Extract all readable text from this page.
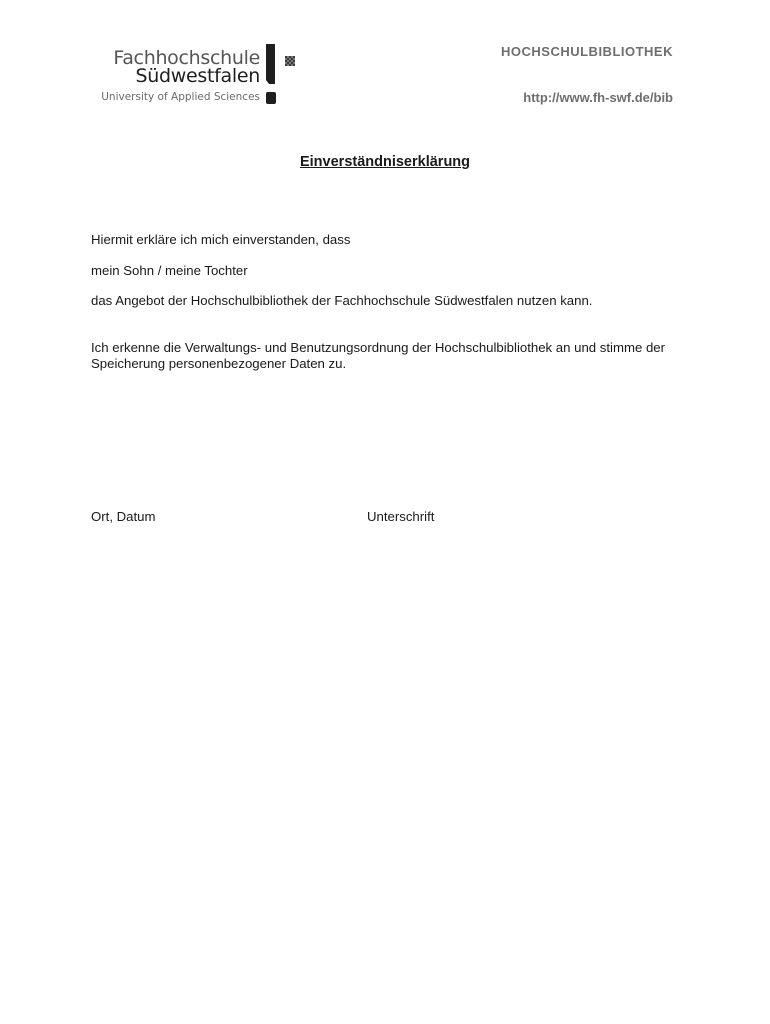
Fachhochschule
Südwestfalen
University of Applied Sciences
HOCHSCHULBIBLIOTHEK
http://www.fh-swf.de/bib
Einverständniserklärung
Hiermit erkläre ich mich einverstanden, dass
mein Sohn / meine Tochter
das Angebot der Hochschulbibliothek der Fachhochschule Südwestfalen nutzen kann.
Ich erkenne die Verwaltungs- und Benutzungsordnung der Hochschulbibliothek an und stimme der Speicherung personenbezogener Daten zu.
Ort, Datum	Unterschrift
